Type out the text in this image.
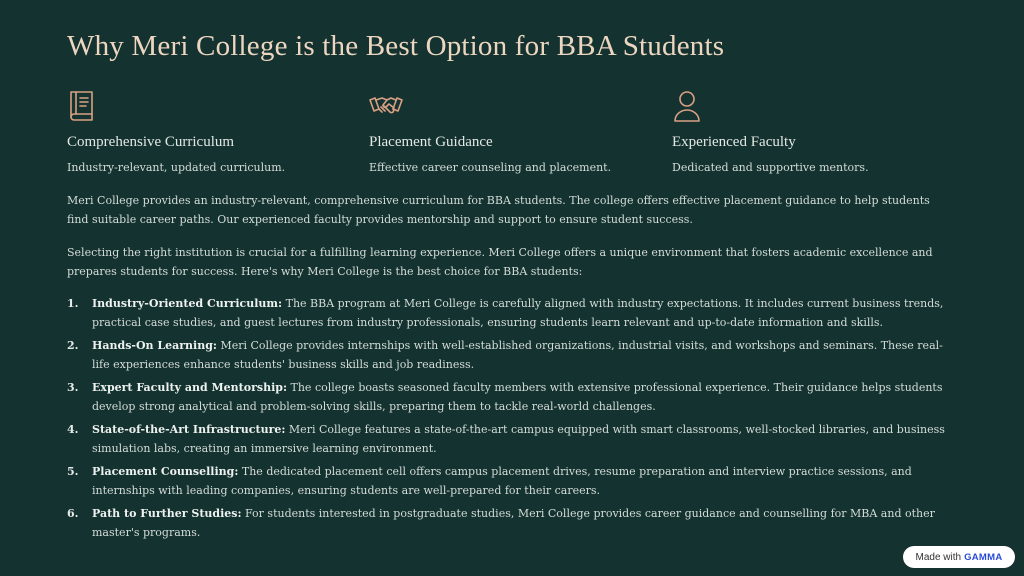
Why Meri College is the Best Option for BBA Students
Comprehensive Curriculum
Industry-relevant, updated curriculum.
Placement Guidance
Effective career counseling and placement.
Experienced Faculty
Dedicated and supportive mentors.

Meri College provides an industry-relevant, comprehensive curriculum for BBA students. The college offers effective placement guidance to help students find suitable career paths. Our experienced faculty provides mentorship and support to ensure student success.

Selecting the right institution is crucial for a fulfilling learning experience. Meri College offers a unique environment that fosters academic excellence and prepares students for success. Here's why Meri College is the best choice for BBA students:

1. Industry-Oriented Curriculum: The BBA program at Meri College is carefully aligned with industry expectations. It includes current business trends, practical case studies, and guest lectures from industry professionals, ensuring students learn relevant and up-to-date information and skills.
2. Hands-On Learning: Meri College provides internships with well-established organizations, industrial visits, and workshops and seminars. These real-life experiences enhance students' business skills and job readiness.
3. Expert Faculty and Mentorship: The college boasts seasoned faculty members with extensive professional experience. Their guidance helps students develop strong analytical and problem-solving skills, preparing them to tackle real-world challenges.
4. State-of-the-Art Infrastructure: Meri College features a state-of-the-art campus equipped with smart classrooms, well-stocked libraries, and business simulation labs, creating an immersive learning environment.
5. Placement Counselling: The dedicated placement cell offers campus placement drives, resume preparation and interview practice sessions, and internships with leading companies, ensuring students are well-prepared for their careers.
6. Path to Further Studies: For students interested in postgraduate studies, Meri College provides career guidance and counselling for MBA and other master's programs.
Made with GAMMA
